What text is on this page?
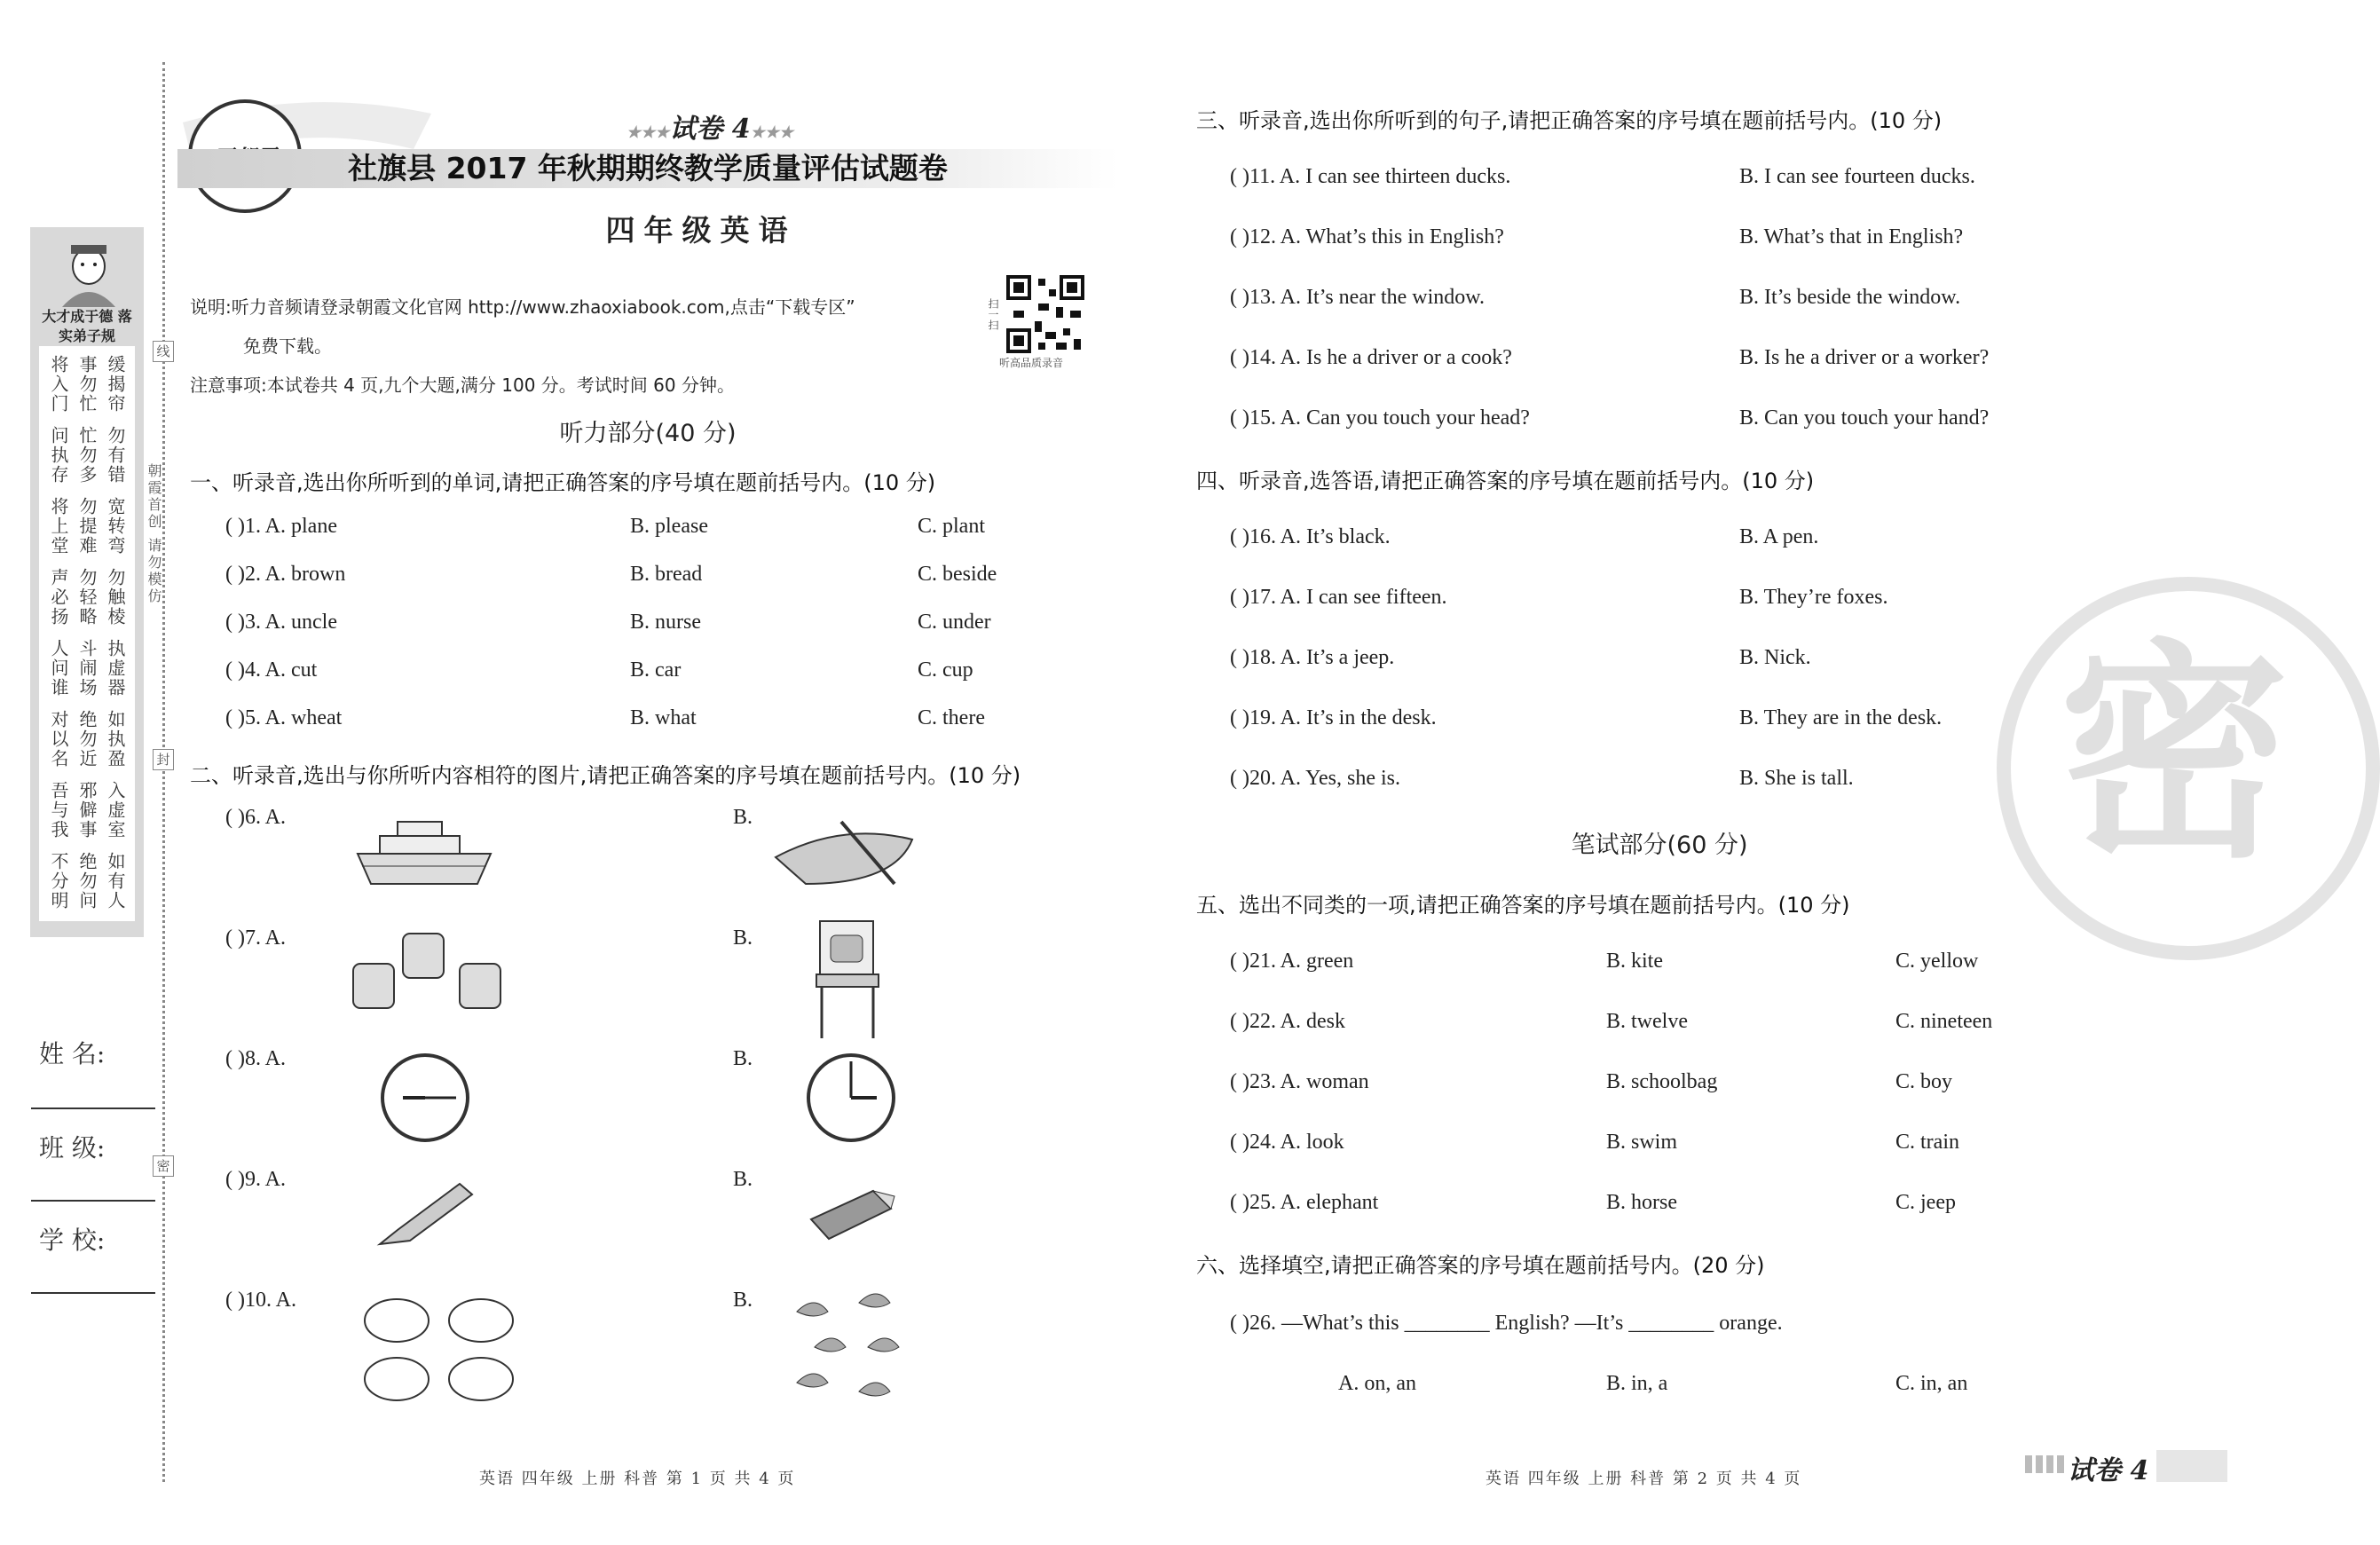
大才成于德 落实弟子规
将入门 事勿忙 缓揭帘
问执存 忙勿多 勿有错
将上堂 勿提难 宽转弯
声必扬 勿轻略 勿触棱
人问谁 斗闹场 执虚器
对以名 绝勿近 如执盈
吾与我 邪僻事 入虚室
不分明 绝勿问 如有人
线
封
密
朝霞首创 请勿模仿
姓 名:
班 级:
学 校:
★★★试卷 4★★★
社旗县 2017 年秋期期终教学质量评估试题卷
四年级英语
说明:听力音频请登录朝霞文化官网 http://www.zhaoxiabook.com,点击“下载专区”
免费下载。
注意事项:本试卷共 4 页,九个大题,满分 100 分。考试时间 60 分钟。
扫一扫
听高品质录音
听力部分(40 分)
一、听录音,选出你所听到的单词,请把正确答案的序号填在题前括号内。(10 分)
( )1. A. plane	B. please	C. plant
( )2. A. brown	B. bread	C. beside
( )3. A. uncle	B. nurse	C. under
( )4. A. cut	B. car	C. cup
( )5. A. wheat	B. what	C. there
二、听录音,选出与你所听内容相符的图片,请把正确答案的序号填在题前括号内。(10 分)
( )6. A.	B.
( )7. A.	B.
( )8. A.	B.
( )9. A.	B.
( )10. A.	B.
英语 四年级 上册 科普 第 1 页 共 4 页
密
三、听录音,选出你所听到的句子,请把正确答案的序号填在题前括号内。(10 分)
( )11. A. I can see thirteen ducks.	B. I can see fourteen ducks.
( )12. A. What’s this in English?	B. What’s that in English?
( )13. A. It’s near the window.	B. It’s beside the window.
( )14. A. Is he a driver or a cook?	B. Is he a driver or a worker?
( )15. A. Can you touch your head?	B. Can you touch your hand?
四、听录音,选答语,请把正确答案的序号填在题前括号内。(10 分)
( )16. A. It’s black.	B. A pen.
( )17. A. I can see fifteen.	B. They’re foxes.
( )18. A. It’s a jeep.	B. Nick.
( )19. A. It’s in the desk.	B. They are in the desk.
( )20. A. Yes, she is.	B. She is tall.
笔试部分(60 分)
五、选出不同类的一项,请把正确答案的序号填在题前括号内。(10 分)
( )21. A. green	B. kite	C. yellow
( )22. A. desk	B. twelve	C. nineteen
( )23. A. woman	B. schoolbag	C. boy
( )24. A. look	B. swim	C. train
( )25. A. elephant	B. horse	C. jeep
六、选择填空,请把正确答案的序号填在题前括号内。(20 分)
( )26. —What’s this ________ English? —It’s ________ orange.
A. on, an	B. in, a	C. in, an
英语 四年级 上册 科普 第 2 页 共 4 页	试卷 4
